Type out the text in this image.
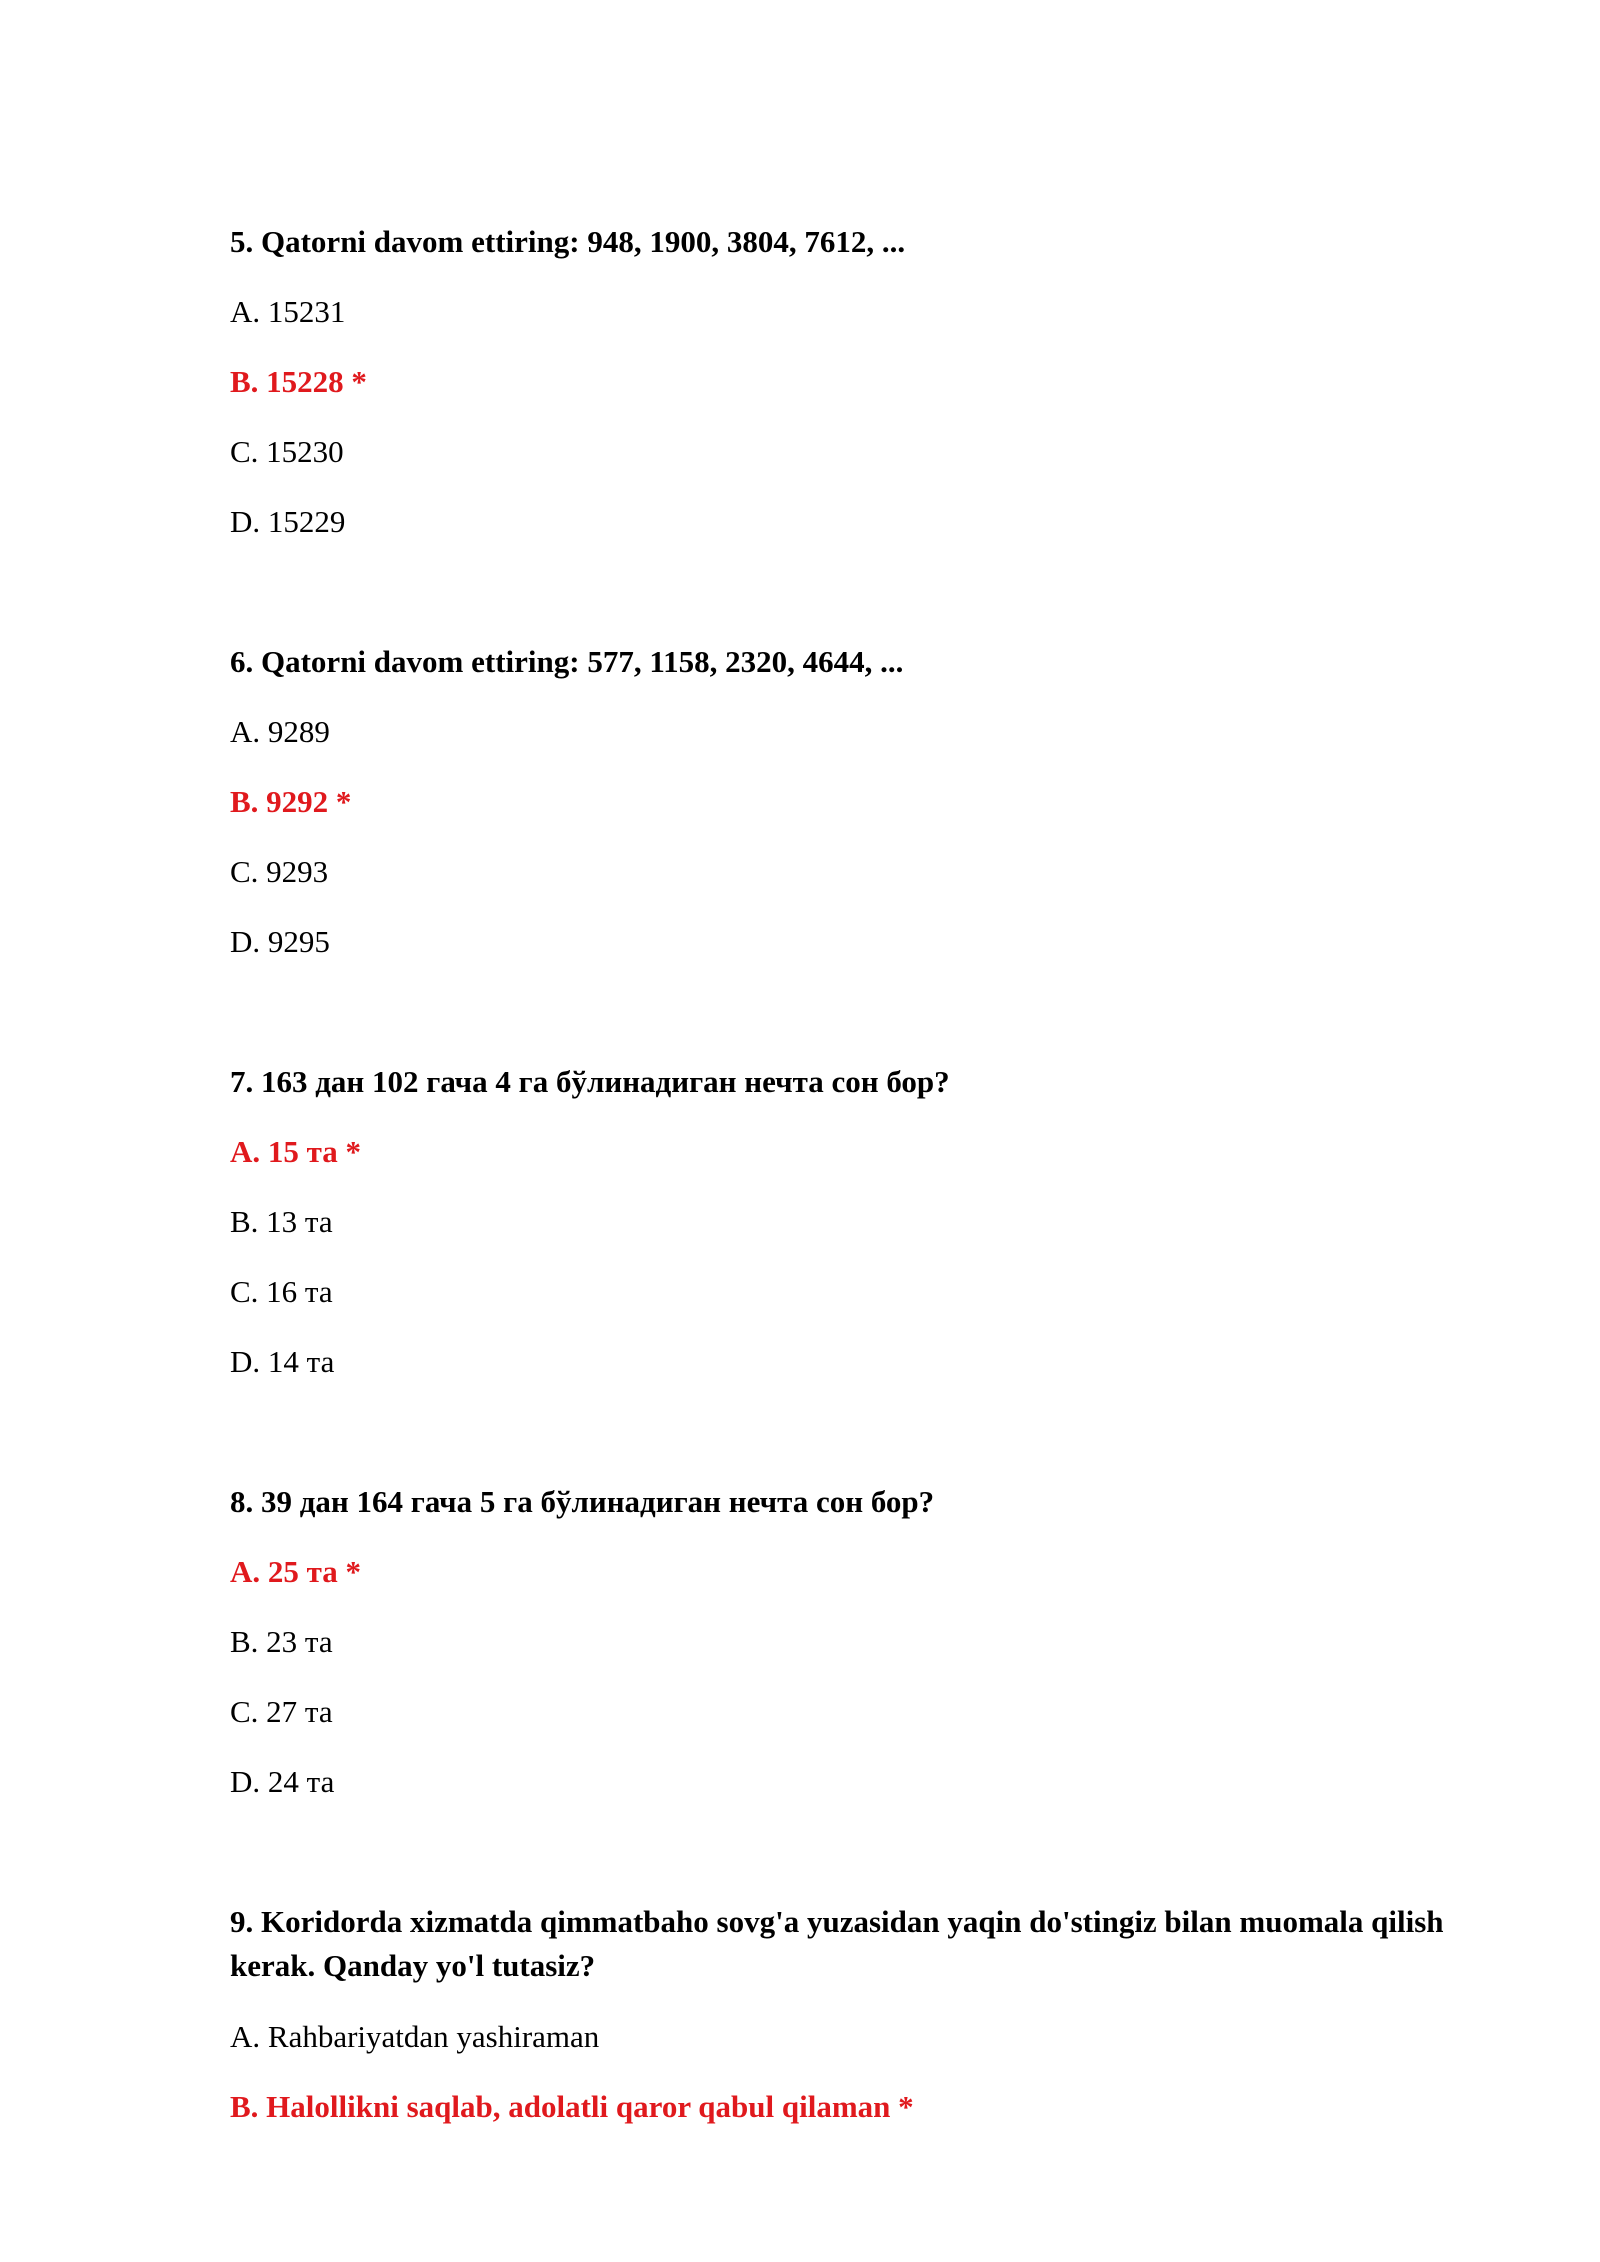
5. Qatorni davom ettiring: 948, 1900, 3804, 7612, ...
A. 15231
B. 15228 *
C. 15230
D. 15229
6. Qatorni davom ettiring: 577, 1158, 2320, 4644, ...
A. 9289
B. 9292 *
C. 9293
D. 9295
7. 163 дан 102 гача 4 га бўлинадиган нечта сон бор?
A. 15 та *
B. 13 та
C. 16 та
D. 14 та
8. 39 дан 164 гача 5 га бўлинадиган нечта сон бор?
A. 25 та *
B. 23 та
C. 27 та
D. 24 та
9. Koridorda xizmatda qimmatbaho sovg'a yuzasidan yaqin do'stingiz bilan muomala qilish kerak. Qanday yo'l tutasiz?
A. Rahbariyatdan yashiraman
B. Halollikni saqlab, adolatli qaror qabul qilaman *
